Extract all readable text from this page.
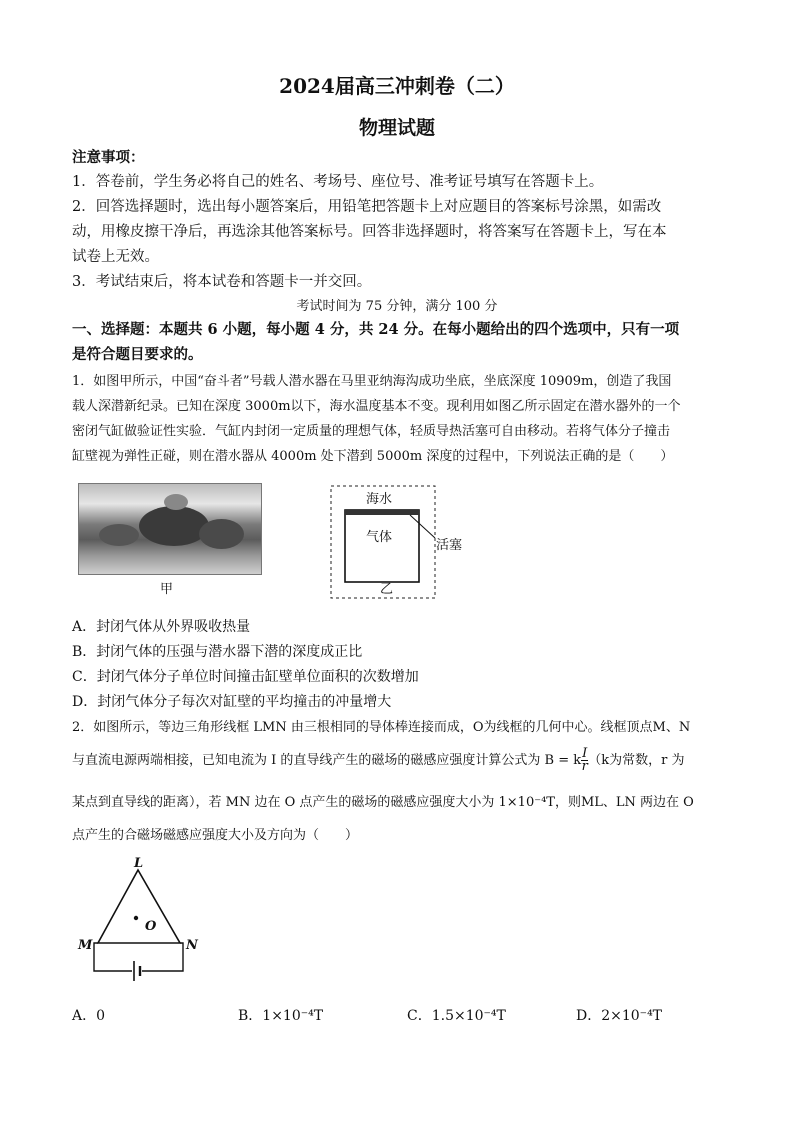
2024届高三冲刺卷（二）
物理试题
注意事项：
1．答卷前，学生务必将自己的姓名、考场号、座位号、准考证号填写在答题卡上。
2．回答选择题时，选出每小题答案后，用铅笔把答题卡上对应题目的答案标号涂黑，如需改
动，用橡皮擦干净后，再选涂其他答案标号。回答非选择题时，将答案写在答题卡上，写在本
试卷上无效。
3．考试结束后，将本试卷和答题卡一并交回。
考试时间为 75 分钟，满分 100 分
一、选择题：本题共 6 小题，每小题 4 分，共 24 分。在每小题给出的四个选项中，只有一项
是符合题目要求的。
1．如图甲所示，中国“奋斗者”号载人潜水器在马里亚纳海沟成功坐底，坐底深度 10909m，创造了我国
载人深潜新纪录。已知在深度 3000m以下，海水温度基本不变。现利用如图乙所示固定在潜水器外的一个
密闭气缸做验证性实验．气缸内封闭一定质量的理想气体，轻质导热活塞可自由移动。若将气体分子撞击
缸壁视为弹性正碰，则在潜水器从 4000m 处下潜到 5000m 深度的过程中，下列说法正确的是（　　）
甲
海水
气体
活塞
乙
A．封闭气体从外界吸收热量
B．封闭气体的压强与潜水器下潜的深度成正比
C．封闭气体分子单位时间撞击缸壁单位面积的次数增加
D．封闭气体分子每次对缸壁的平均撞击的冲量增大
2．如图所示，等边三角形线框 LMN 由三根相同的导体棒连接而成，O为线框的几何中心。线框顶点M、N
与直流电源两端相接，已知电流为 I 的直导线产生的磁场的磁感应强度计算公式为 B = k $\frac{I}{r} (k$为常数，r 为
某点到直导线的距离），若 MN 边在 O 点产生的磁场的磁感应强度大小为 1×10⁻⁴T，则ML、LN 两边在 O
点产生的合磁场磁感应强度大小及方向为（　　）
L
M	N
O
A．0	B．1×10⁻⁴T	C．1.5×10⁻⁴T	D．2×10⁻⁴T
